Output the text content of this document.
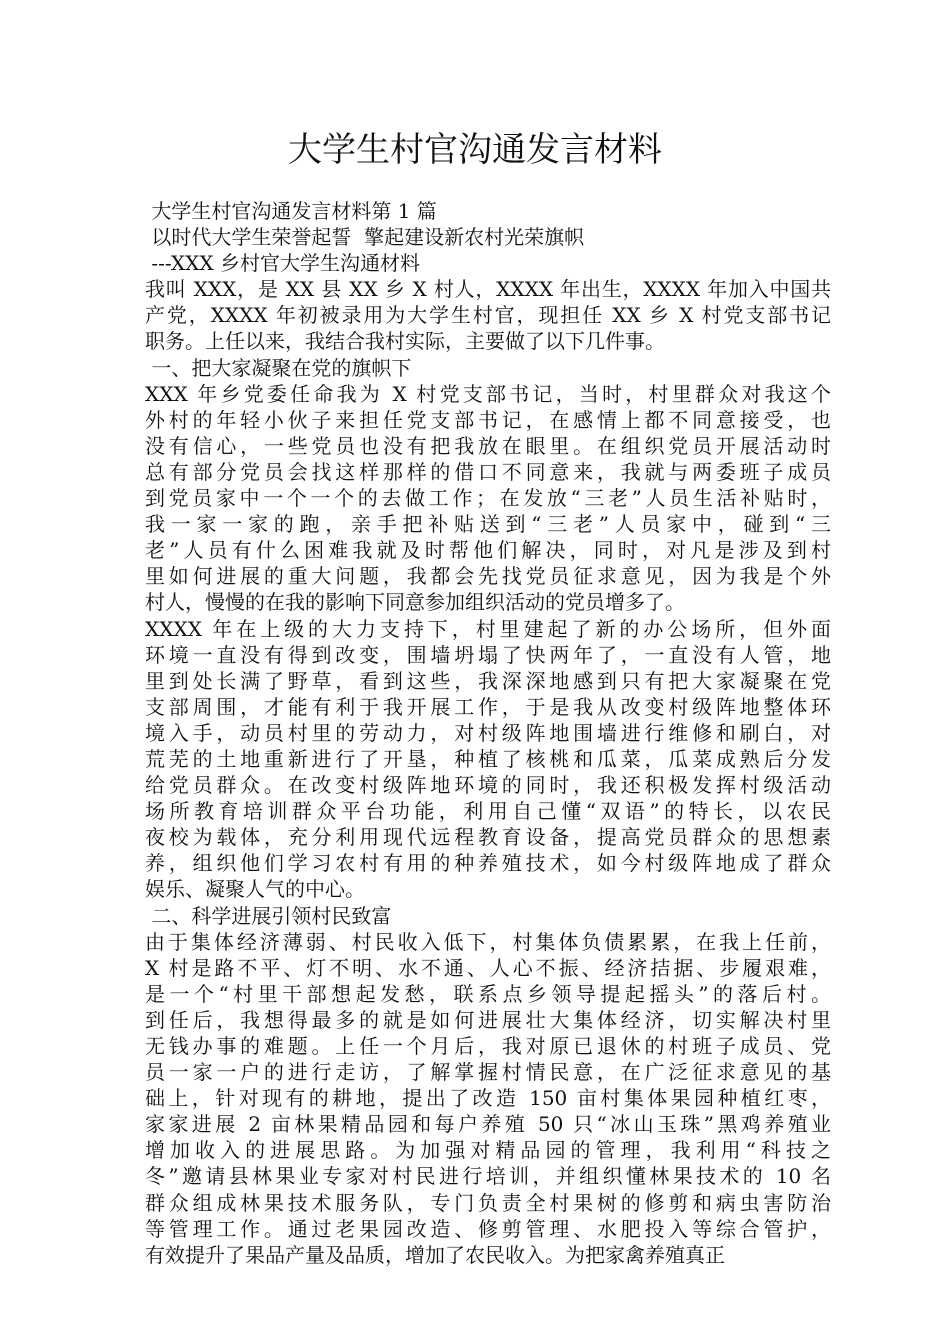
大学生村官沟通发言材料
大学生村官沟通发言材料第 1 篇
以时代大学生荣誉起誓  擎起建设新农村光荣旗帜
---XXX 乡村官大学生沟通材料
我叫 XXX，是 XX 县 XX 乡 X 村人，XXXX 年出生，XXXX 年加入中国共
产党，XXXX 年初被录用为大学生村官，现担任 XX 乡 X 村党支部书记
职务。上任以来，我结合我村实际，主要做了以下几件事。
一、把大家凝聚在党的旗帜下
XXX 年乡党委任命我为 X 村党支部书记，当时，村里群众对我这个
外村的年轻小伙子来担任党支部书记，在感情上都不同意接受，也
没有信心，一些党员也没有把我放在眼里。在组织党员开展活动时
总有部分党员会找这样那样的借口不同意来，我就与两委班子成员
到党员家中一个一个的去做工作；在发放“三老”人员生活补贴时，
我一家一家的跑，亲手把补贴送到“三老”人员家中，碰到“三
老”人员有什么困难我就及时帮他们解决，同时，对凡是涉及到村
里如何进展的重大问题，我都会先找党员征求意见，因为我是个外
村人，慢慢的在我的影响下同意参加组织活动的党员增多了。
XXXX 年在上级的大力支持下，村里建起了新的办公场所，但外面
环境一直没有得到改变，围墙坍塌了快两年了，一直没有人管，地
里到处长满了野草，看到这些，我深深地感到只有把大家凝聚在党
支部周围，才能有利于我开展工作，于是我从改变村级阵地整体环
境入手，动员村里的劳动力，对村级阵地围墙进行维修和刷白，对
荒芜的土地重新进行了开垦，种植了核桃和瓜菜，瓜菜成熟后分发
给党员群众。在改变村级阵地环境的同时，我还积极发挥村级活动
场所教育培训群众平台功能，利用自己懂“双语”的特长，以农民
夜校为载体，充分利用现代远程教育设备，提高党员群众的思想素
养，组织他们学习农村有用的种养殖技术，如今村级阵地成了群众
娱乐、凝聚人气的中心。
二、科学进展引领村民致富
由于集体经济薄弱、村民收入低下，村集体负债累累，在我上任前，
X 村是路不平、灯不明、水不通、人心不振、经济拮据、步履艰难，
是一个“村里干部想起发愁，联系点乡领导提起摇头”的落后村。
到任后，我想得最多的就是如何进展壮大集体经济，切实解决村里
无钱办事的难题。上任一个月后，我对原已退休的村班子成员、党
员一家一户的进行走访，了解掌握村情民意，在广泛征求意见的基
础上，针对现有的耕地，提出了改造 150 亩村集体果园种植红枣，
家家进展 2 亩林果精品园和每户养殖 50 只“冰山玉珠”黑鸡养殖业
增加收入的进展思路。为加强对精品园的管理，我利用“科技之
冬”邀请县林果业专家对村民进行培训，并组织懂林果技术的 10 名
群众组成林果技术服务队，专门负责全村果树的修剪和病虫害防治
等管理工作。通过老果园改造、修剪管理、水肥投入等综合管护，
有效提升了果品产量及品质，增加了农民收入。为把家禽养殖真正
